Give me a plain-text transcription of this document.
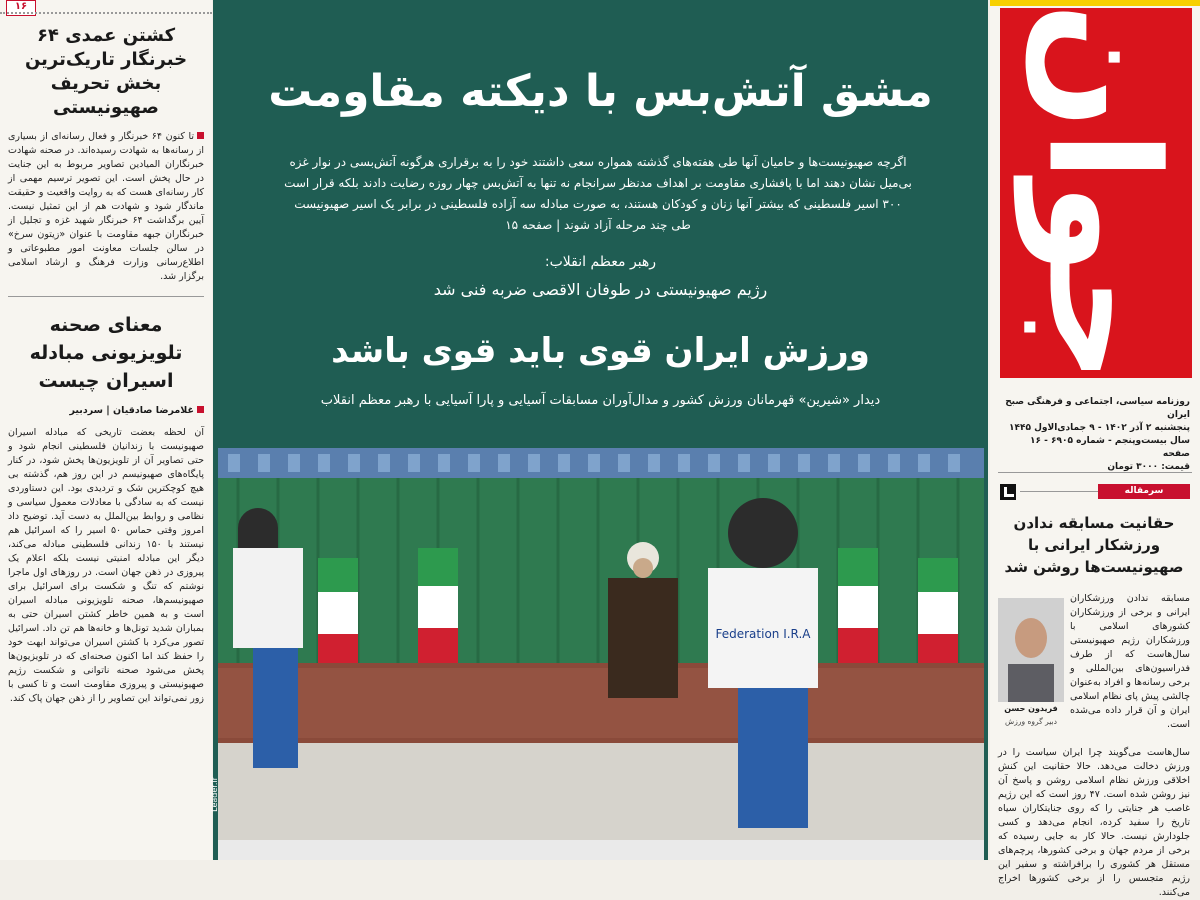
۱۶
کشتن عمدی ۶۴ خبرنگار تاریک‌ترین بخش تحریف صهیونیستی
تا کنون ۶۴ خبرنگار و فعال رسانه‌ای از بسیاری از رسانه‌ها به شهادت رسیده‌اند. در صحنه شهادت خبرنگاران المیادین تصاویر مربوط به این جنایت در حال پخش است. این تصویر ترسیم مهمی از کار رسانه‌ای هست که به روایت واقعیت و حقیقت ماندگار شود و شهادت هم از این تمثیل نیست. آیین برگداشت ۶۴ خبرنگار شهید غزه و تجلیل از خبرنگاران جبهه مقاومت با عنوان «زیتون سرخ» در سالن جلسات معاونت امور مطبوعاتی و اطلاع‌رسانی وزارت فرهنگ و ارشاد اسلامی برگزار شد.
معنای صحنه تلویزیونی مبادله اسیران چیست
غلامرضا صادقیان | سردبیر
آن لحظه بعضت تاریخی که مبادله اسیران صهیونیست با زندانیان فلسطینی انجام شود و حتی تصاویر آن از تلویزیون‌ها پخش شود، در کنار پایگاه‌های صهیونیسم در این روز هم، گذشته بی هیچ کوچکترین شک و تردیدی بود. این دستاوردی نیست که به سادگی با معادلات معمول سیاسی و نظامی و روابط بین‌الملل به دست آید. توضیح داد امروز وقتی حماس ۵۰ اسیر را که اسرائیل هم نیستند با ۱۵۰ زندانی فلسطینی مبادله می‌کند، دیگر این مبادله امنیتی نیست بلکه اعلام یک پیروزی در ذهن جهان است. در روزهای اول ماجرا نوشتم که تنگ و شکست برای اسرائیل برای صهیونیسم‌ها، صحنه تلویزیونی مبادله اسیران است و به همین خاطر کشتن اسیران حتی به بمباران شدید تونل‌ها و خانه‌ها هم تن داد. اسرائیل تصور می‌کرد با کشتن اسیران می‌تواند ابهت خود را حفظ کند اما اکنون صحنه‌ای که در تلویزیون‌ها پخش می‌شود صحنه ناتوانی و شکست رژیم صهیونیستی و پیروزی مقاومت است و تا کسی با زور نمی‌تواند این تصاویر را از ذهن جهان پاک کند.
مشق آتش‌بس با دیکته مقاومت
اگرچه صهیونیست‌ها و حامیان آنها طی هفته‌های گذشته همواره سعی داشتند خود را به برقراری هرگونه آتش‌بسی در نوار غزه بی‌میل نشان دهند اما با پافشاری مقاومت بر اهداف مدنظر سرانجام نه تنها به آتش‌بس چهار روزه رضایت دادند بلکه قرار است ۳۰۰ اسیر فلسطینی که بیشتر آنها زنان و کودکان هستند، به صورت مبادله سه آزاده فلسطینی در برابر یک اسیر صهیونیست طی چند مرحله آزاد شوند | صفحه ۱۵
رهبر معظم انقلاب:
رژیم صهیونیستی در طوفان الاقصی ضربه فنی شد
ورزش ایران قوی باید قوی باشد
دیدار «شیرین» قهرمانان ورزش کشور و مدال‌آوران مسابقات آسیایی و پارا آسیایی با رهبر معظم انقلاب
Federation I.R.A
Leader.ir
جوان
روزنامه سیاسی، اجتماعی و فرهنگی صبح ایران
پنجشنبه ۲ آذر ۱۴۰۲ - ۹ جمادی‌الاول ۱۴۴۵
سال بیست‌وپنجم - شماره ۶۹۰۵ - ۱۶ صفحه
قیمت: ۳۰۰۰ تومان
سرمقاله
حقانیت مسابقه ندادن ورزشکار ایرانی با صهیونیست‌ها روشن شد
فریدون حسن
دبیر گروه ورزش
مسابقه ندادن ورزشکاران ایرانی و برخی از ورزشکاران کشورهای اسلامی با ورزشکاران رژیم صهیونیستی سال‌هاست که از طرف فدراسیون‌های بین‌المللی و برخی رسانه‌ها و افراد به‌عنوان چالشی پیش پای نظام اسلامی ایران و آن قرار داده می‌شده است.
سال‌هاست می‌گویند چرا ایران سیاست را در ورزش دخالت می‌دهد. حالا حقانیت این کنش اخلاقی ورزش نظام اسلامی روشن و پاسخ آن نیز روشن شده است. ۴۷ روز است که این رژیم غاصب هر جنایتی را که روی جنایتکاران سیاه تاریخ را سفید کرده، انجام می‌دهد و کسی جلودارش نیست. حالا کار به جایی رسیده که برخی از مردم جهان و برخی کشورها، پرچم‌های مستقل هر کشوری را برافراشته و سفیر این رژیم متجسس را از برخی کشورها اخراج می‌کنند.
